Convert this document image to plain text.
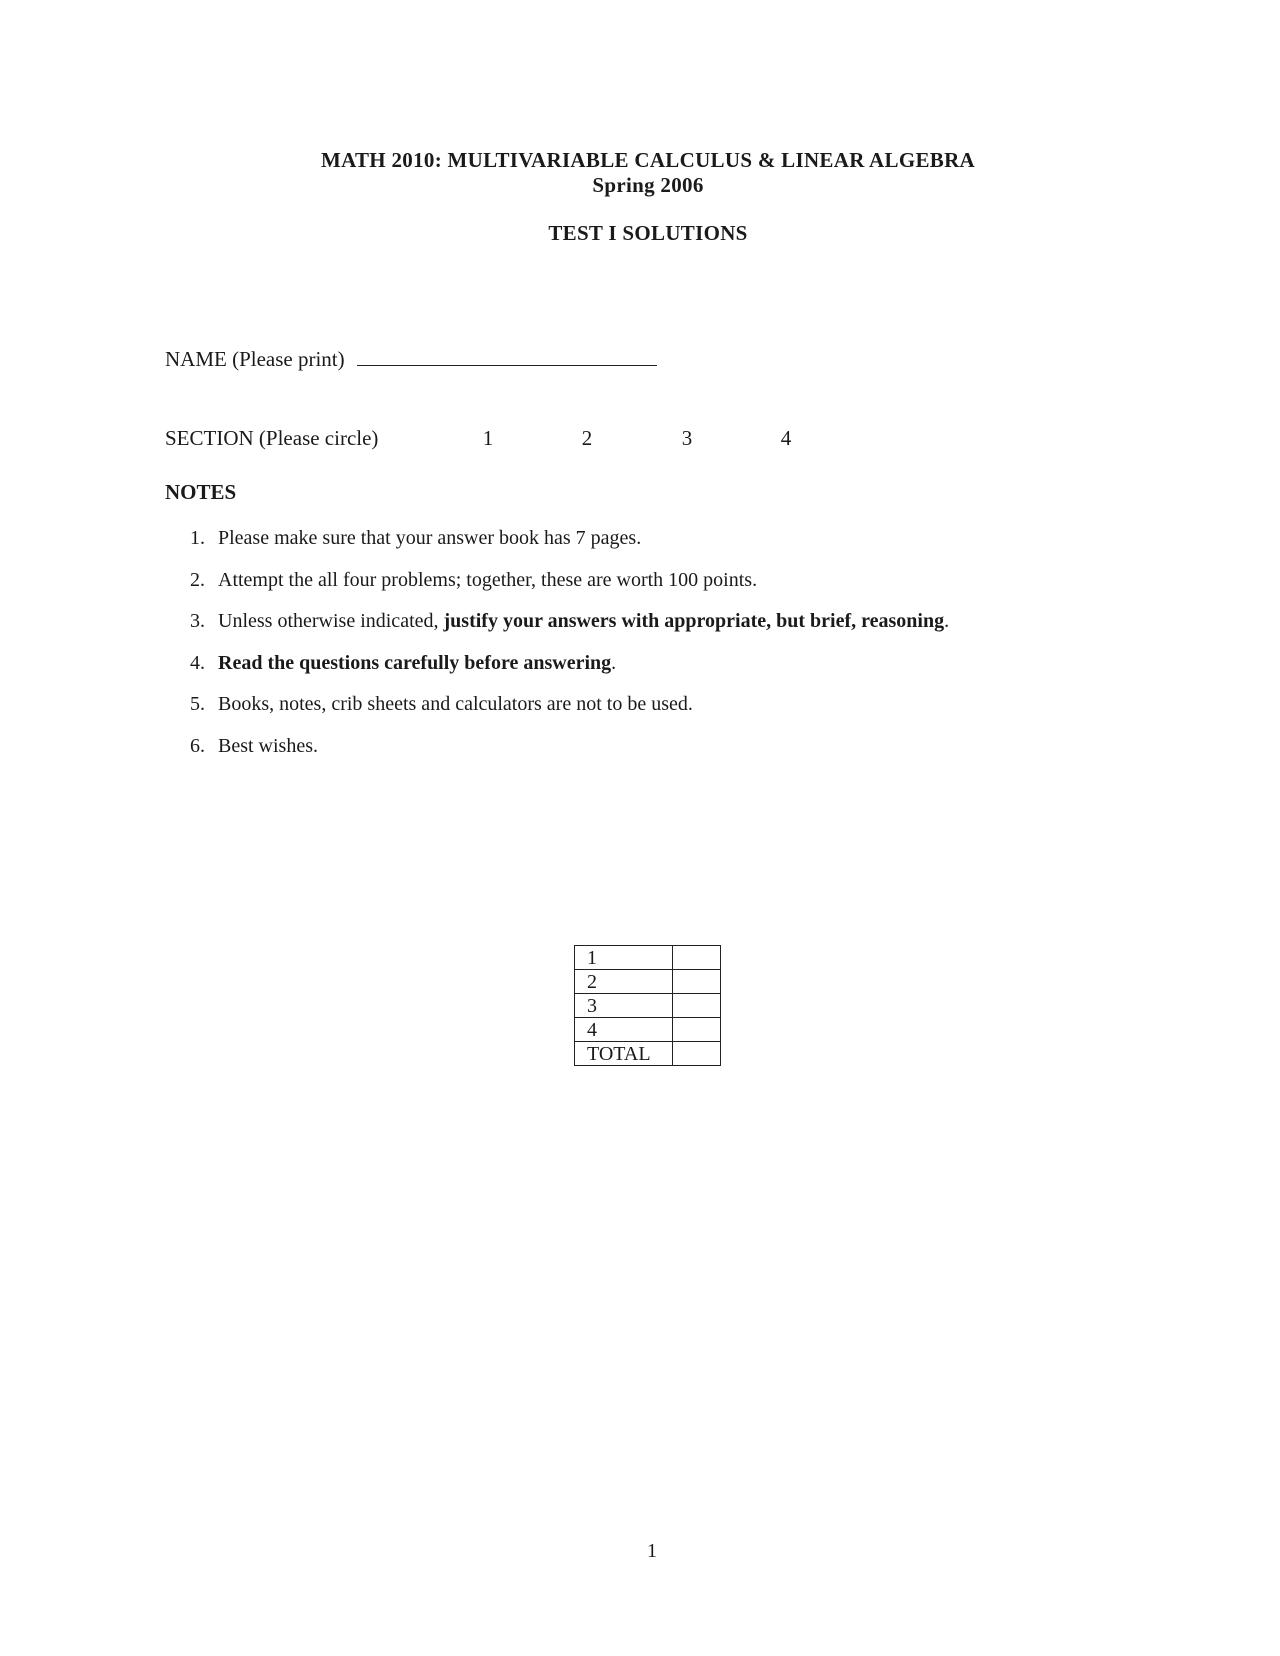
MATH 2010: MULTIVARIABLE CALCULUS & LINEAR ALGEBRA
Spring 2006
TEST I SOLUTIONS
NAME (Please print)
SECTION (Please circle)	1	2	3	4
NOTES
1. Please make sure that your answer book has 7 pages.
2. Attempt the all four problems; together, these are worth 100 points.
3. Unless otherwise indicated, justify your answers with appropriate, but brief, reasoning.
4. Read the questions carefully before answering.
5. Books, notes, crib sheets and calculators are not to be used.
6. Best wishes.
1	
2	
3	
4	
TOTAL	
1
